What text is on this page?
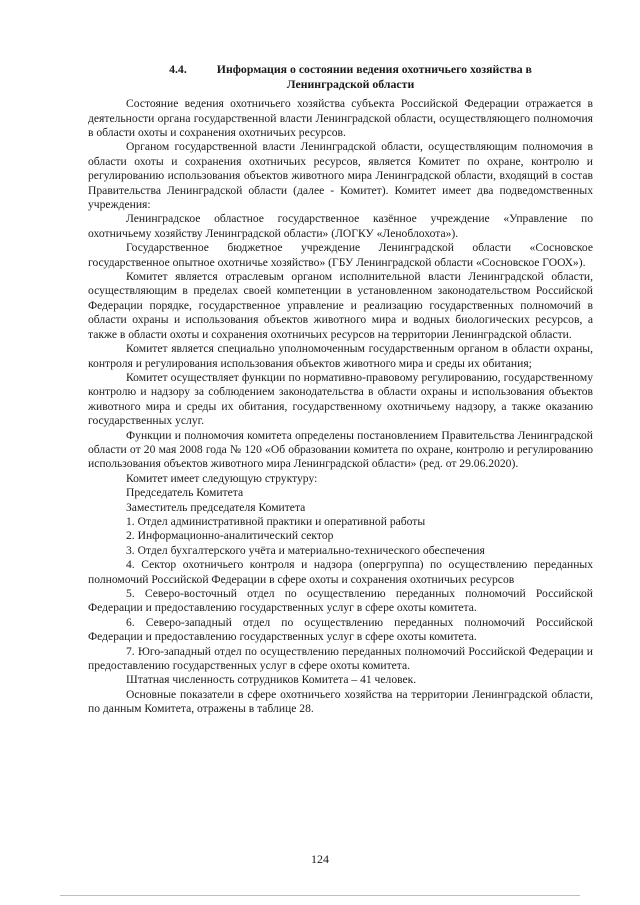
4.4.	Информация о состоянии ведения охотничьего хозяйства в
Ленинградской области

Состояние ведения охотничьего хозяйства субъекта Российской Федерации отражается в деятельности органа государственной власти Ленинградской области, осуществляющего полномочия в области охоты и сохранения охотничьих ресурсов.

Органом государственной власти Ленинградской области, осуществляющим полномочия в области охоты и сохранения охотничьих ресурсов, является Комитет по охране, контролю и регулированию использования объектов животного мира Ленинградской области, входящий в состав Правительства Ленинградской области (далее - Комитет). Комитет имеет два подведомственных учреждения:

Ленинградское областное государственное казённое учреждение «Управление по охотничьему хозяйству Ленинградской области» (ЛОГКУ «Леноблохота»).

Государственное бюджетное учреждение Ленинградской области «Сосновское государственное опытное охотничье хозяйство» (ГБУ Ленинградской области «Сосновское ГООХ»).

Комитет является отраслевым органом исполнительной власти Ленинградской области, осуществляющим в пределах своей компетенции в установленном законодательством Российской Федерации порядке, государственное управление и реализацию государственных полномочий в области охраны и использования объектов животного мира и водных биологических ресурсов, а также в области охоты и сохранения охотничьих ресурсов на территории Ленинградской области.

Комитет является специально уполномоченным государственным органом в области охраны, контроля и регулирования использования объектов животного мира и среды их обитания;

Комитет осуществляет функции по нормативно-правовому регулированию, государственному контролю и надзору за соблюдением законодательства в области охраны и использования объектов животного мира и среды их обитания, государственному охотничьему надзору, а также оказанию государственных услуг.

Функции и полномочия комитета определены постановлением Правительства Ленинградской области от 20 мая 2008 года № 120 «Об образовании комитета по охране, контролю и регулированию использования объектов животного мира Ленинградской области» (ред. от 29.06.2020).

Комитет имеет следующую структуру:

Председатель Комитета

Заместитель председателя Комитета

1. Отдел административной практики и оперативной работы

2. Информационно-аналитический сектор

3. Отдел бухгалтерского учёта и материально-технического обеспечения

4. Сектор охотничьего контроля и надзора (опергруппа) по осуществлению переданных полномочий Российской Федерации в сфере охоты и сохранения охотничьих ресурсов

5. Северо-восточный отдел по осуществлению переданных полномочий Российской Федерации и предоставлению государственных услуг в сфере охоты комитета.

6. Северо-западный отдел по осуществлению переданных полномочий Российской Федерации и предоставлению государственных услуг в сфере охоты комитета.

7. Юго-западный отдел по осуществлению переданных полномочий Российской Федерации и предоставлению государственных услуг в сфере охоты комитета.

Штатная численность сотрудников Комитета – 41 человек.

Основные показатели в сфере охотничьего хозяйства на территории Ленинградской области, по данным Комитета, отражены в таблице 28.

124
